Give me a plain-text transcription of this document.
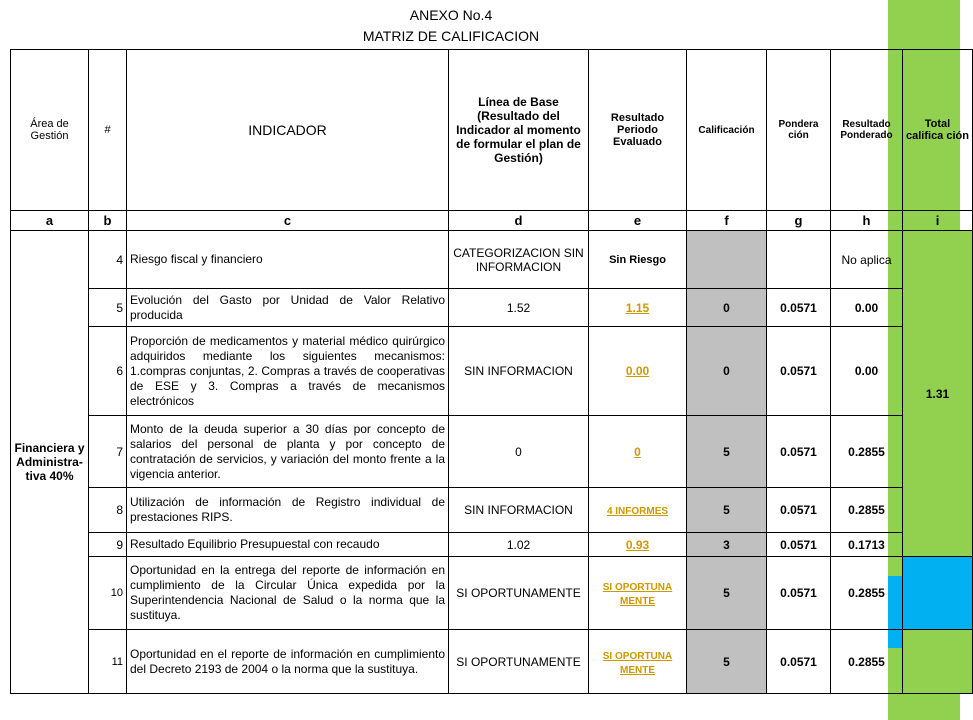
ANEXO No.4
MATRIZ DE CALIFICACION
Área de Gestión	#	INDICADOR	Línea de Base (Resultado del Indicador al momento de formular el plan de Gestión)	Resultado Periodo Evaluado	Calificación	Pondera ción	Resultado Ponderado	Total califica ción
a	b	c	d	e	f	g	h	i
Financiera y Administra- tiva 40%	4	Riesgo fiscal y financiero	CATEGORIZACION SIN INFORMACION	Sin Riesgo			No aplica	1.31
	5	Evolución del Gasto por Unidad de Valor Relativo producida	1.52	1.15	0	0.0571	0.00	
	6	Proporción de medicamentos y material médico quirúrgico adquiridos mediante los siguientes mecanismos: 1.compras conjuntas, 2. Compras a través de cooperativas de ESE y 3. Compras a través de mecanismos electrónicos	SIN INFORMACION	0.00	0	0.0571	0.00	
	7	Monto de la deuda superior a 30 días por concepto de salarios del personal de planta y por concepto de contratación de servicios, y variación del monto frente a la vigencia anterior.	0	0	5	0.0571	0.2855	
	8	Utilización de información de Registro individual de prestaciones RIPS.	SIN INFORMACION	4 INFORMES	5	0.0571	0.2855	
	9	Resultado Equilibrio Presupuestal con recaudo	1.02	0.93	3	0.0571	0.1713	
	10	Oportunidad en la entrega del reporte de información en cumplimiento de la Circular Única expedida por la Superintendencia Nacional de Salud o la norma que la sustituya.	SI OPORTUNAMENTE	SI OPORTUNA MENTE	5	0.0571	0.2855	
	11	Oportunidad en el reporte de información en cumplimiento del Decreto 2193 de 2004 o la norma que la sustituya.	SI OPORTUNAMENTE	SI OPORTUNA MENTE	5	0.0571	0.2855	
